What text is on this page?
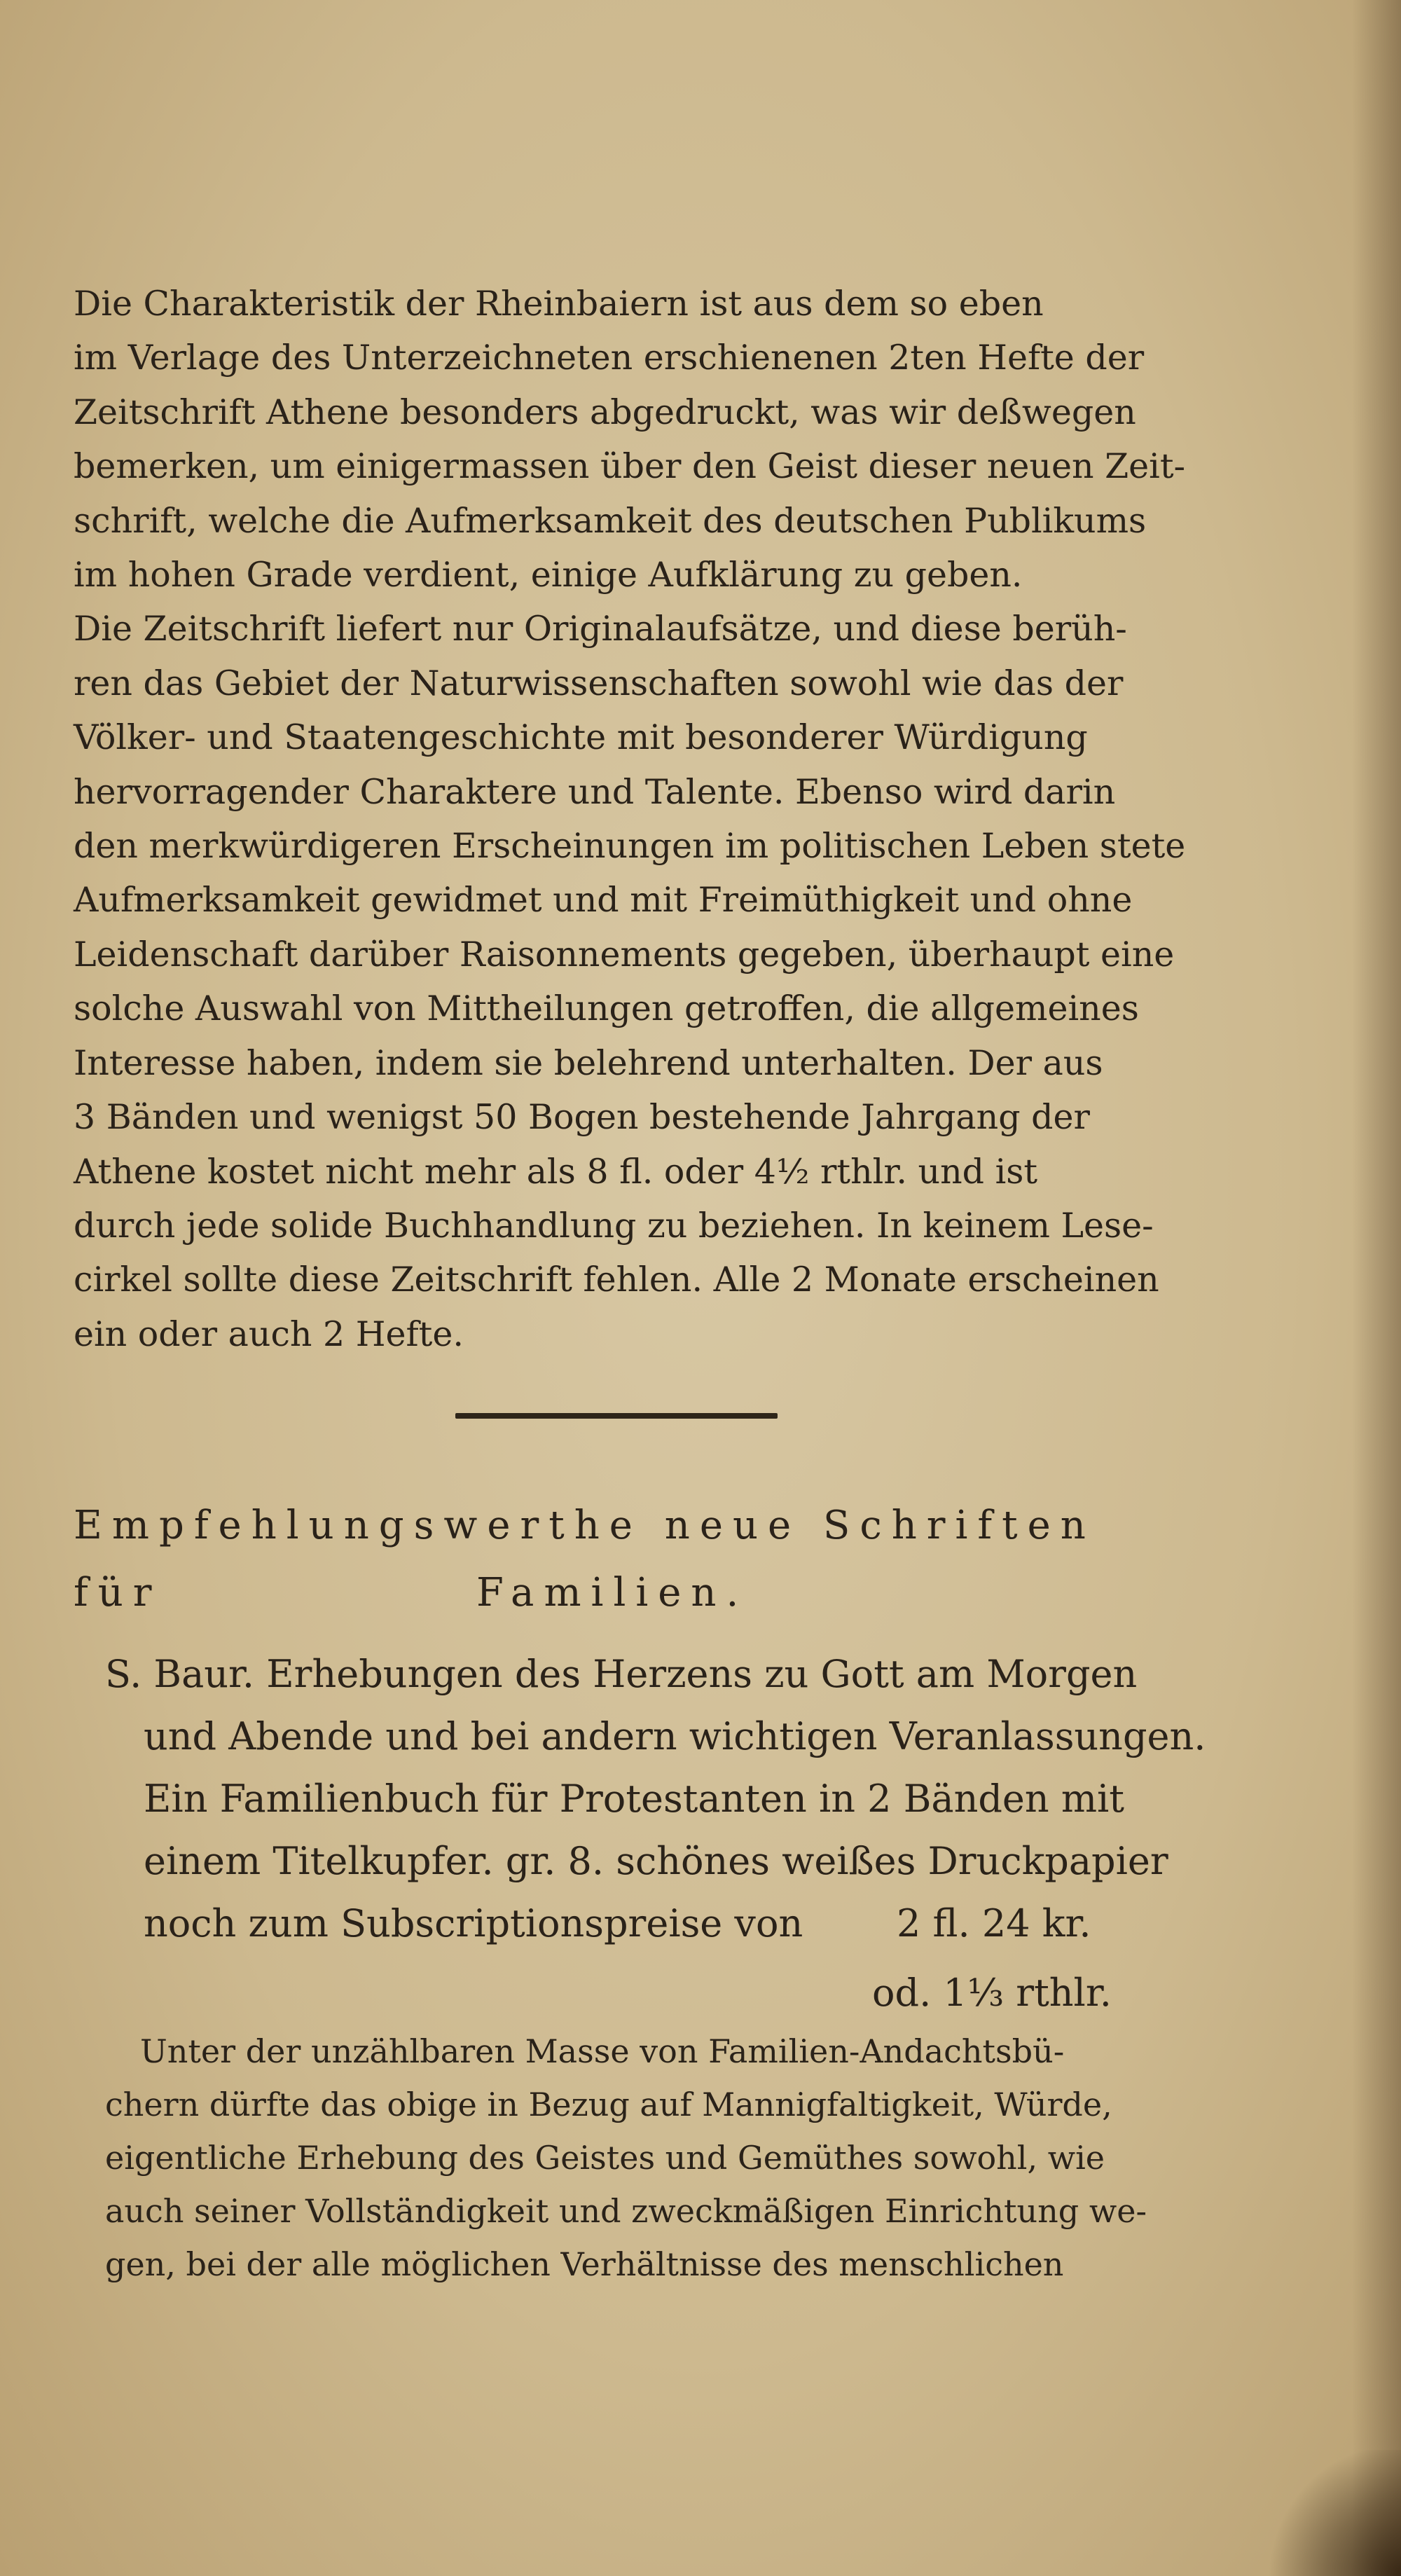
Die Charakteristik der Rheinbaiern ist aus dem so eben
im Verlage des Unterzeichneten erschienenen 2ten Hefte der
Zeitschrift Athene besonders abgedruckt, was wir deßwegen
bemerken, um einigermassen über den Geist dieser neuen Zeit-
schrift, welche die Aufmerksamkeit des deutschen Publikums
im hohen Grade verdient, einige Aufklärung zu geben.
Die Zeitschrift liefert nur Originalaufsätze, und diese berüh-
ren das Gebiet der Naturwissenschaften sowohl wie das der
Völker- und Staatengeschichte mit besonderer Würdigung
hervorragender Charaktere und Talente. Ebenso wird darin
den merkwürdigeren Erscheinungen im politischen Leben stete
Aufmerksamkeit gewidmet und mit Freimüthigkeit und ohne
Leidenschaft darüber Raisonnements gegeben, überhaupt eine
solche Auswahl von Mittheilungen getroffen, die allgemeines
Interesse haben, indem sie belehrend unterhalten. Der aus
3 Bänden und wenigst 50 Bogen bestehende Jahrgang der
Athene kostet nicht mehr als 8 fl. oder 4½ rthlr. und ist
durch jede solide Buchhandlung zu beziehen. In keinem Lese-
cirkel sollte diese Zeitschrift fehlen. Alle 2 Monate erscheinen
ein oder auch 2 Hefte.

Empfehlungswerthe neue Schriften für	Familien.

S. Baur. Erhebungen des Herzens zu Gott am Morgen

und Abende und bei andern wichtigen Veranlassungen.

Ein Familienbuch für Protestanten in 2 Bänden mit

einem Titelkupfer. gr. 8. schönes weißes Druckpapier

noch zum Subscriptionspreise von	2 fl. 24 kr.
od. 1⅓ rthlr.

Unter der unzählbaren Masse von Familien-Andachtsbü-
chern dürfte das obige in Bezug auf Mannigfaltigkeit, Würde,
eigentliche Erhebung des Geistes und Gemüthes sowohl, wie
auch seiner Vollständigkeit und zweckmäßigen Einrichtung we-
gen, bei der alle möglichen Verhältnisse des menschlichen
